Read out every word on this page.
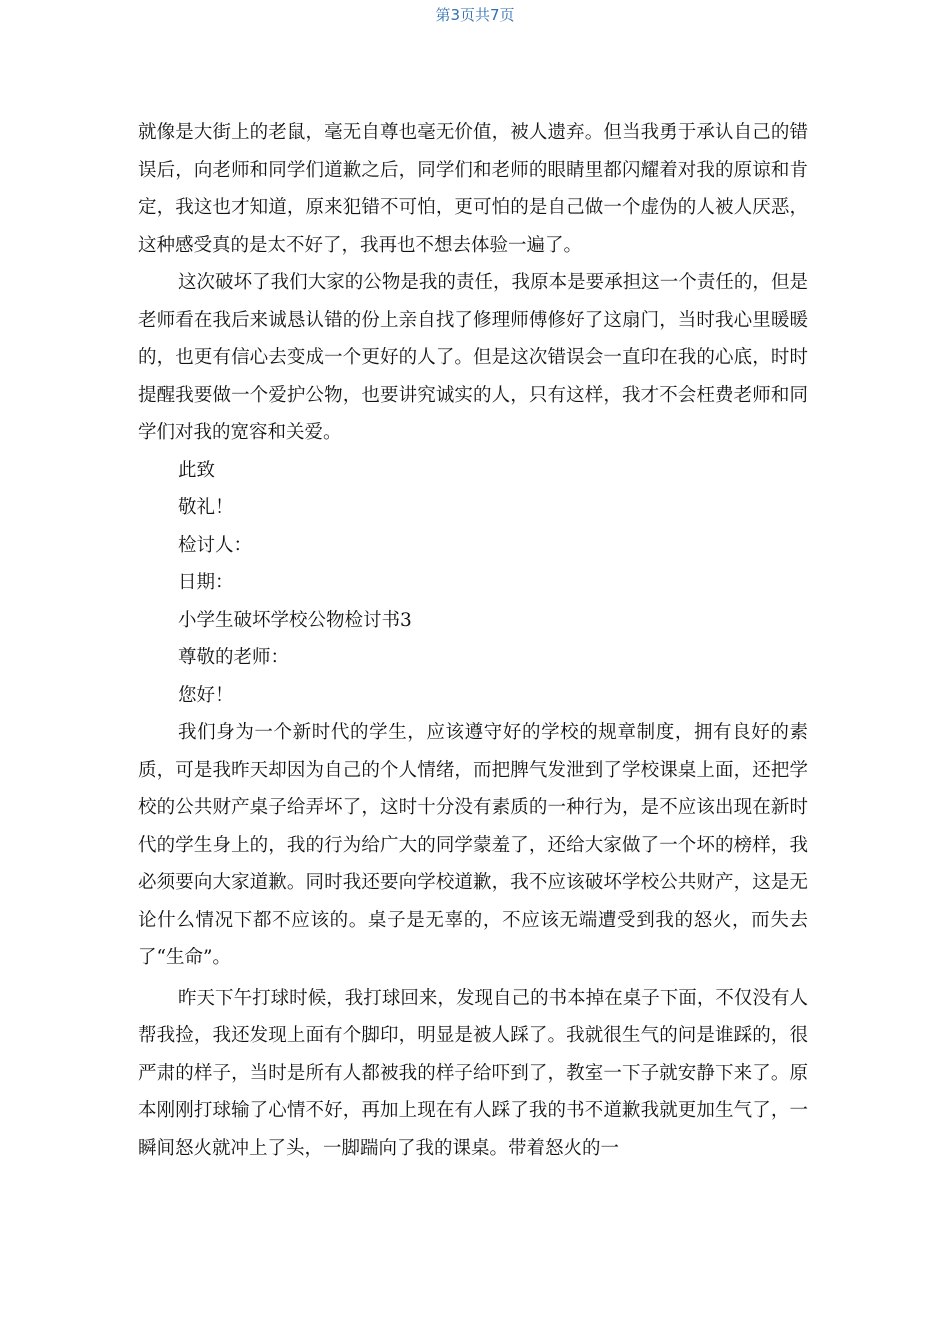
第3页共7页

就像是大街上的老鼠，毫无自尊也毫无价值，被人遗弃。但当我勇于承认自己的错误后，向老师和同学们道歉之后，同学们和老师的眼睛里都闪耀着对我的原谅和肯定，我这也才知道，原来犯错不可怕，更可怕的是自己做一个虚伪的人被人厌恶，这种感受真的是太不好了，我再也不想去体验一遍了。

这次破坏了我们大家的公物是我的责任，我原本是要承担这一个责任的，但是老师看在我后来诚恳认错的份上亲自找了修理师傅修好了这扇门，当时我心里暖暖的，也更有信心去变成一个更好的人了。但是这次错误会一直印在我的心底，时时提醒我要做一个爱护公物，也要讲究诚实的人，只有这样，我才不会枉费老师和同学们对我的宽容和关爱。

此致

敬礼！

检讨人：

日期：

小学生破坏学校公物检讨书3

尊敬的老师：

您好！

我们身为一个新时代的学生，应该遵守好的学校的规章制度，拥有良好的素质，可是我昨天却因为自己的个人情绪，而把脾气发泄到了学校课桌上面，还把学校的公共财产桌子给弄坏了，这时十分没有素质的一种行为，是不应该出现在新时代的学生身上的，我的行为给广大的同学蒙羞了，还给大家做了一个坏的榜样，我必须要向大家道歉。同时我还要向学校道歉，我不应该破坏学校公共财产，这是无论什么情况下都不应该的。桌子是无辜的，不应该无端遭受到我的怒火，而失去了“生命”。

昨天下午打球时候，我打球回来，发现自己的书本掉在桌子下面，不仅没有人帮我捡，我还发现上面有个脚印，明显是被人踩了。我就很生气的问是谁踩的，很严肃的样子，当时是所有人都被我的样子给吓到了，教室一下子就安静下来了。原本刚刚打球输了心情不好，再加上现在有人踩了我的书不道歉我就更加生气了，一瞬间怒火就冲上了头，一脚踹向了我的课桌。带着怒火的一
